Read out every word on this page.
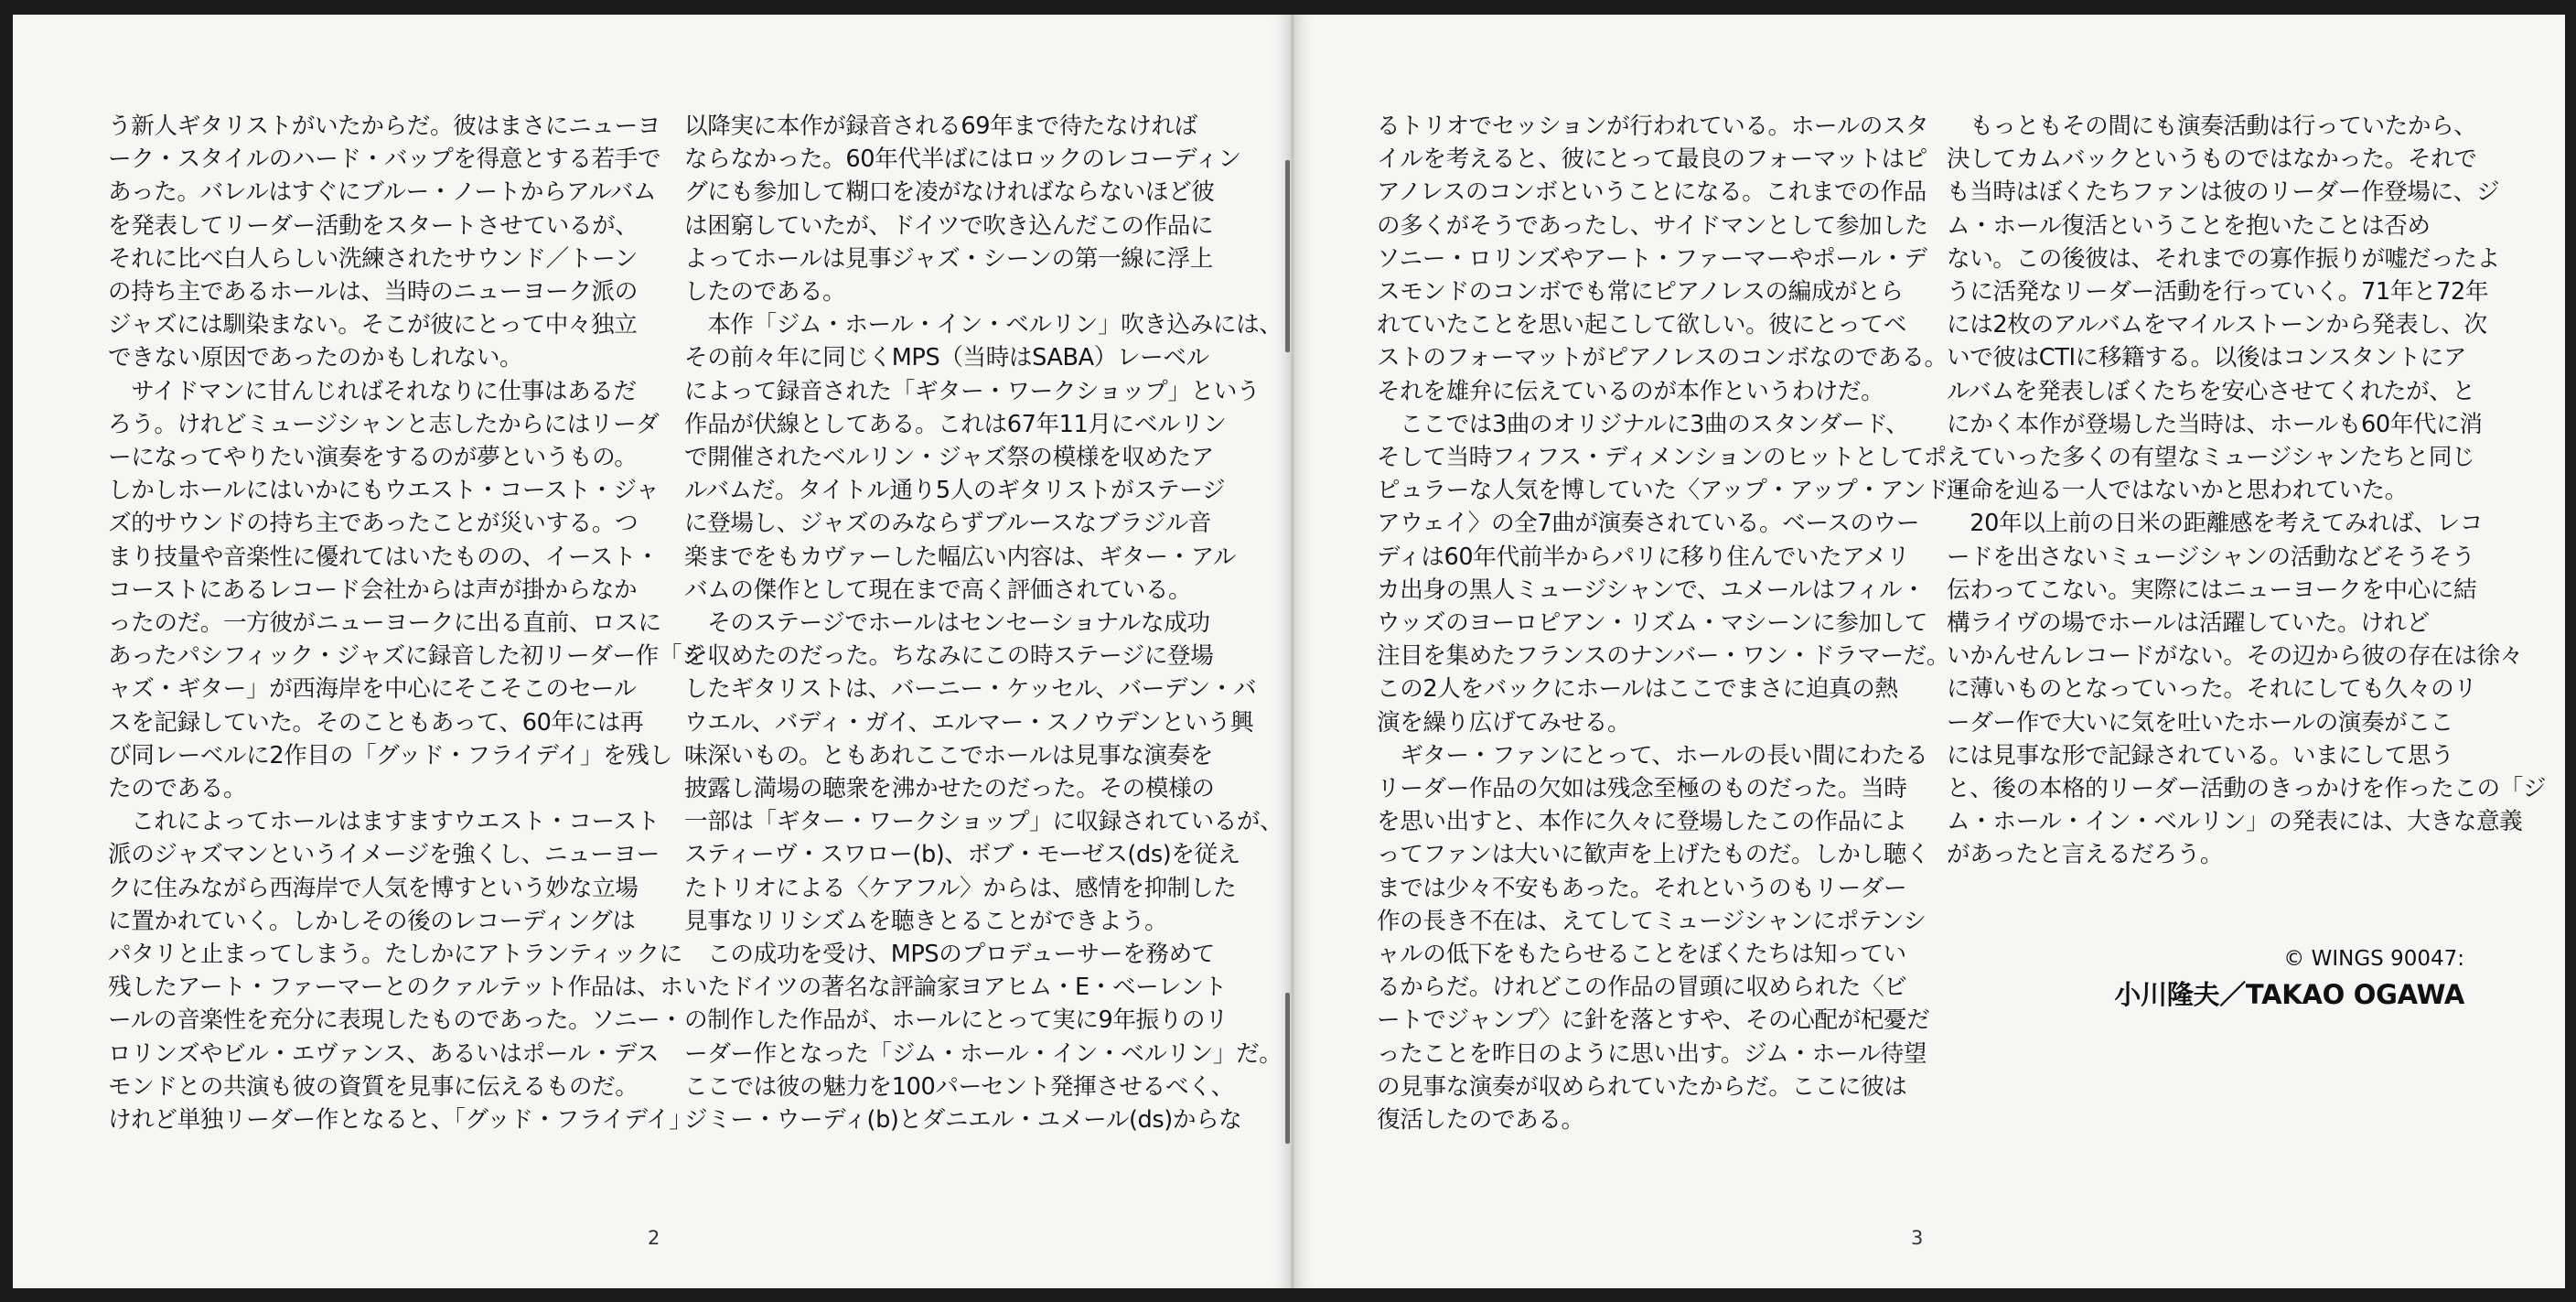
う新人ギタリストがいたからだ。彼はまさにニューヨ

ーク・スタイルのハード・バップを得意とする若手で

あった。バレルはすぐにブルー・ノートからアルバム

を発表してリーダー活動をスタートさせているが、

それに比べ白人らしい洗練されたサウンド／トーン

の持ち主であるホールは、当時のニューヨーク派の

ジャズには馴染まない。そこが彼にとって中々独立

できない原因であったのかもしれない。

　サイドマンに甘んじればそれなりに仕事はあるだ

ろう。けれどミュージシャンと志したからにはリーダ

ーになってやりたい演奏をするのが夢というもの。

しかしホールにはいかにもウエスト・コースト・ジャ

ズ的サウンドの持ち主であったことが災いする。つ

まり技量や音楽性に優れてはいたものの、イースト・

コーストにあるレコード会社からは声が掛からなか

ったのだ。一方彼がニューヨークに出る直前、ロスに

あったパシフィック・ジャズに録音した初リーダー作「ジ

ャズ・ギター」が西海岸を中心にそこそこのセール

スを記録していた。そのこともあって、60年には再

び同レーベルに2作目の「グッド・フライデイ」を残し

たのである。

　これによってホールはますますウエスト・コースト

派のジャズマンというイメージを強くし、ニューヨー

クに住みながら西海岸で人気を博すという妙な立場

に置かれていく。しかしその後のレコーディングは

パタリと止まってしまう。たしかにアトランティックに

残したアート・ファーマーとのクァルテット作品は、ホ

ールの音楽性を充分に表現したものであった。ソニー・

ロリンズやビル・エヴァンス、あるいはポール・デス

モンドとの共演も彼の資質を見事に伝えるものだ。

けれど単独リーダー作となると、「グッド・フライデイ」

以降実に本作が録音される69年まで待たなければ

ならなかった。60年代半ばにはロックのレコーディン

グにも参加して糊口を凌がなければならないほど彼

は困窮していたが、ドイツで吹き込んだこの作品に

よってホールは見事ジャズ・シーンの第一線に浮上

したのである。

　本作「ジム・ホール・イン・ベルリン」吹き込みには、

その前々年に同じくMPS（当時はSABA）レーベル

によって録音された「ギター・ワークショップ」という

作品が伏線としてある。これは67年11月にベルリン

で開催されたベルリン・ジャズ祭の模様を収めたア

ルバムだ。タイトル通り5人のギタリストがステージ

に登場し、ジャズのみならずブルースなブラジル音

楽までをもカヴァーした幅広い内容は、ギター・アル

バムの傑作として現在まで高く評価されている。

　そのステージでホールはセンセーショナルな成功

を収めたのだった。ちなみにこの時ステージに登場

したギタリストは、バーニー・ケッセル、バーデン・バ

ウエル、バディ・ガイ、エルマー・スノウデンという興

味深いもの。ともあれここでホールは見事な演奏を

披露し満場の聴衆を沸かせたのだった。その模様の

一部は「ギター・ワークショップ」に収録されているが、

スティーヴ・スワロー(b)、ボブ・モーゼス(ds)を従え

たトリオによる〈ケアフル〉からは、感情を抑制した

見事なリリシズムを聴きとることができよう。

　この成功を受け、MPSのプロデューサーを務めて

いたドイツの著名な評論家ヨアヒム・E・ベーレント

の制作した作品が、ホールにとって実に9年振りのリ

ーダー作となった「ジム・ホール・イン・ベルリン」だ。

ここでは彼の魅力を100パーセント発揮させるべく、

ジミー・ウーディ(b)とダニエル・ユメール(ds)からな

2

るトリオでセッションが行われている。ホールのスタ

イルを考えると、彼にとって最良のフォーマットはピ

アノレスのコンボということになる。これまでの作品

の多くがそうであったし、サイドマンとして参加した

ソニー・ロリンズやアート・ファーマーやポール・デ

スモンドのコンボでも常にピアノレスの編成がとら

れていたことを思い起こして欲しい。彼にとってベ

ストのフォーマットがピアノレスのコンボなのである。

それを雄弁に伝えているのが本作というわけだ。

　ここでは3曲のオリジナルに3曲のスタンダード、

そして当時フィフス・ディメンションのヒットとしてポ

ピュラーな人気を博していた〈アップ・アップ・アンド・

アウェイ〉の全7曲が演奏されている。ベースのウー

ディは60年代前半からパリに移り住んでいたアメリ

カ出身の黒人ミュージシャンで、ユメールはフィル・

ウッズのヨーロピアン・リズム・マシーンに参加して

注目を集めたフランスのナンバー・ワン・ドラマーだ。

この2人をバックにホールはここでまさに迫真の熱

演を繰り広げてみせる。

　ギター・ファンにとって、ホールの長い間にわたる

リーダー作品の欠如は残念至極のものだった。当時

を思い出すと、本作に久々に登場したこの作品によ

ってファンは大いに歓声を上げたものだ。しかし聴く

までは少々不安もあった。それというのもリーダー

作の長き不在は、えてしてミュージシャンにポテンシ

ャルの低下をもたらせることをぼくたちは知ってい

るからだ。けれどこの作品の冒頭に収められた〈ビ

ートでジャンプ〉に針を落とすや、その心配が杞憂だ

ったことを昨日のように思い出す。ジム・ホール待望

の見事な演奏が収められていたからだ。ここに彼は

復活したのである。

　もっともその間にも演奏活動は行っていたから、

決してカムバックというものではなかった。それで

も当時はぼくたちファンは彼のリーダー作登場に、ジ

ム・ホール復活ということを抱いたことは否め

ない。この後彼は、それまでの寡作振りが嘘だったよ

うに活発なリーダー活動を行っていく。71年と72年

には2枚のアルバムをマイルストーンから発表し、次

いで彼はCTIに移籍する。以後はコンスタントにア

ルバムを発表しぼくたちを安心させてくれたが、と

にかく本作が登場した当時は、ホールも60年代に消

えていった多くの有望なミュージシャンたちと同じ

運命を辿る一人ではないかと思われていた。

　20年以上前の日米の距離感を考えてみれば、レコ

ードを出さないミュージシャンの活動などそうそう

伝わってこない。実際にはニューヨークを中心に結

構ライヴの場でホールは活躍していた。けれど

いかんせんレコードがない。その辺から彼の存在は徐々

に薄いものとなっていった。それにしても久々のリ

ーダー作で大いに気を吐いたホールの演奏がここ

には見事な形で記録されている。いまにして思う

と、後の本格的リーダー活動のきっかけを作ったこの「ジ

ム・ホール・イン・ベルリン」の発表には、大きな意義

があったと言えるだろう。

© WINGS 90047:
小川隆夫／TAKAO OGAWA
3
